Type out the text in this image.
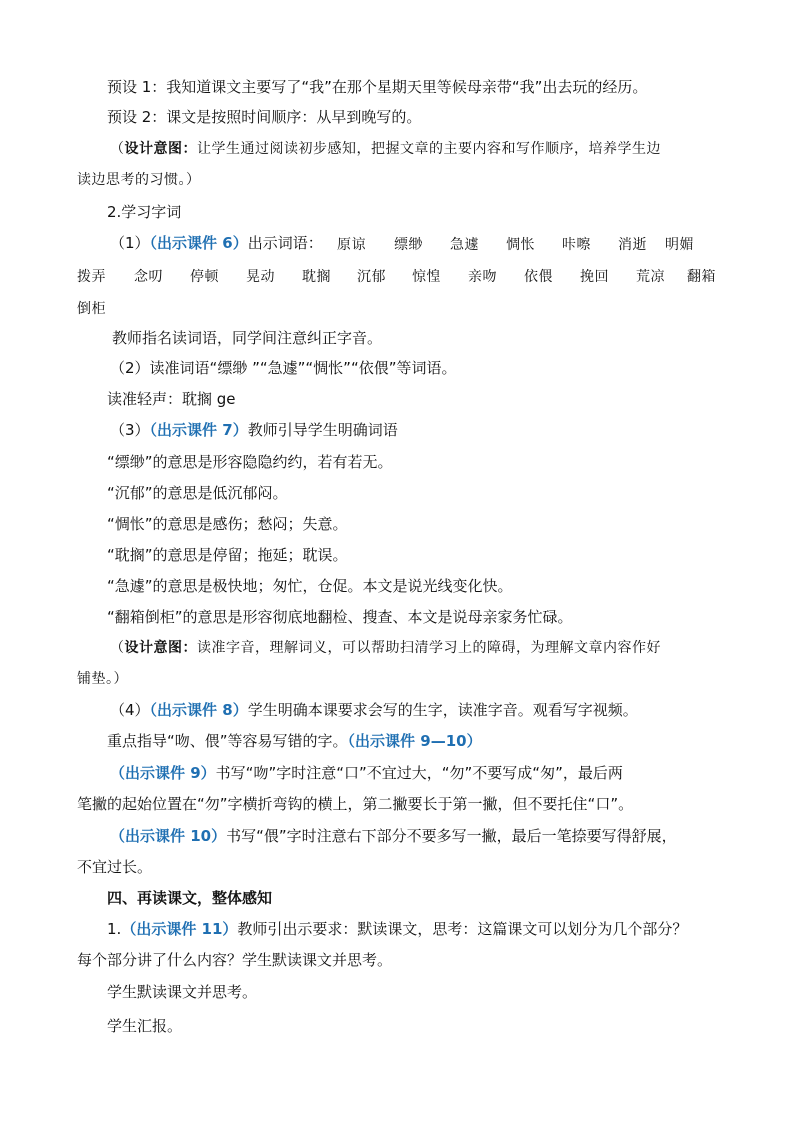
预设 1：我知道课文主要写了“我”在那个星期天里等候母亲带“我”出去玩的经历。
预设 2：课文是按照时间顺序：从早到晚写的。
（设计意图：让学生通过阅读初步感知，把握文章的主要内容和写作顺序，培养学生边
读边思考的习惯。）
2.学习字词
（1）（出示课件 6）出示词语： 原谅 缥缈 急遽 惆怅 咔嚓 消逝 明媚
拨弄 念叨 停顿 晃动 耽搁 沉郁 惊惶 亲吻 依偎 挽回 荒凉 翻箱
倒柜
教师指名读词语，同学间注意纠正字音。
（2）读准词语“缥缈 ”“急遽”“惆怅”“依偎”等词语。
读准轻声：耽搁 ge
（3）（出示课件 7）教师引导学生明确词语
“缥缈”的意思是形容隐隐约约，若有若无。
“沉郁”的意思是低沉郁闷。
“惆怅”的意思是感伤；愁闷；失意。
“耽搁”的意思是停留；拖延；耽误。
“急遽”的意思是极快地；匆忙，仓促。本文是说光线变化快。
“翻箱倒柜”的意思是形容彻底地翻检、搜查、本文是说母亲家务忙碌。
（设计意图：读准字音，理解词义，可以帮助扫清学习上的障碍，为理解文章内容作好
铺垫。）
（4）（出示课件 8）学生明确本课要求会写的生字，读准字音。观看写字视频。
重点指导“吻、偎”等容易写错的字。（出示课件 9—10）
（出示课件 9）书写“吻”字时注意“口”不宜过大，“勿”不要写成“匆”，最后两
笔撇的起始位置在“勿”字横折弯钩的横上，第二撇要长于第一撇，但不要托住“口”。
（出示课件 10）书写“偎”字时注意右下部分不要多写一撇，最后一笔捺要写得舒展，
不宜过长。
四、再读课文，整体感知
1.（出示课件 11）教师引出示要求：默读课文，思考：这篇课文可以划分为几个部分？
每个部分讲了什么内容？学生默读课文并思考。
学生默读课文并思考。
学生汇报。
